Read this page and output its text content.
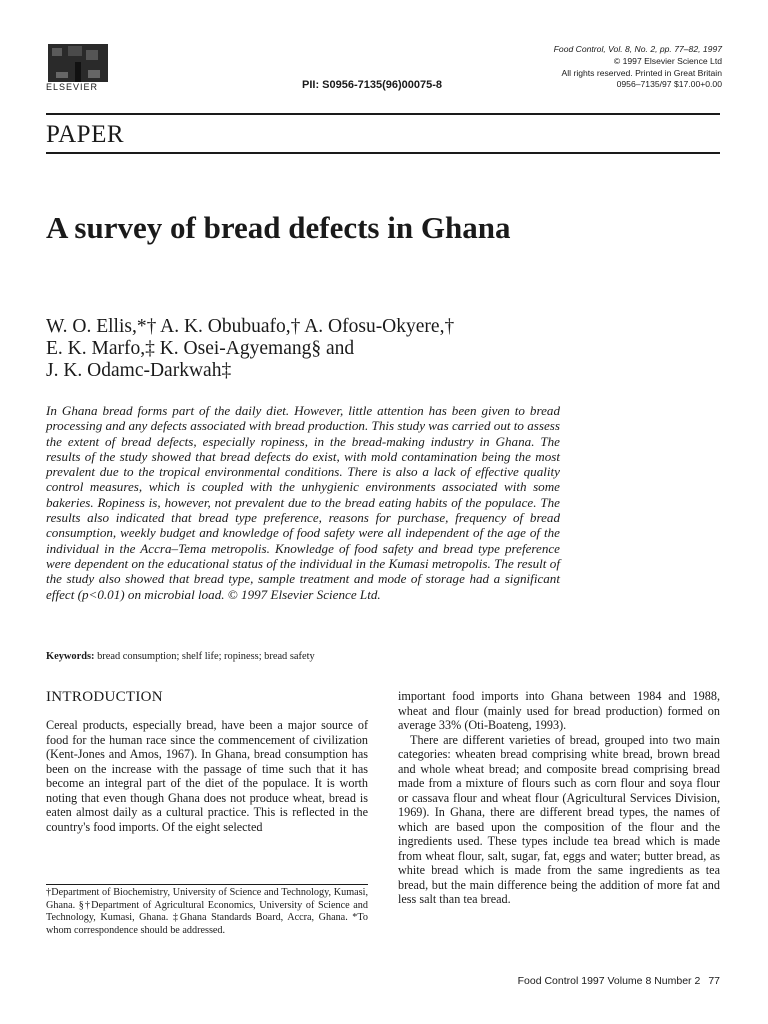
ELSEVIER	PII: S0956-7135(96)00075-8
Food Control, Vol. 8, No. 2, pp. 77–82, 1997
© 1997 Elsevier Science Ltd
All rights reserved. Printed in Great Britain
0956–7135/97 $17.00+0.00
PAPER
A survey of bread defects in Ghana
W. O. Ellis,*† A. K. Obubuafo,† A. Ofosu-Okyere,†
E. K. Marfo,‡ K. Osei-Agyemang§ and
J. K. Odamc-Darkwah‡
In Ghana bread forms part of the daily diet. However, little attention has been given to bread processing and any defects associated with bread production. This study was carried out to assess the extent of bread defects, especially ropiness, in the bread-making industry in Ghana. The results of the study showed that bread defects do exist, with mold contamination being the most prevalent due to the tropical environmental conditions. There is also a lack of effective quality control measures, which is coupled with the unhygienic environments associated with some bakeries. Ropiness is, however, not prevalent due to the bread eating habits of the populace. The results also indicated that bread type preference, reasons for purchase, frequency of bread consumption, weekly budget and knowledge of food safety were all independent of the age of the individual in the Accra–Tema metropolis. Knowledge of food safety and bread type preference were dependent on the educational status of the individual in the Kumasi metropolis. The result of the study also showed that bread type, sample treatment and mode of storage had a significant effect (p<0.01) on microbial load. © 1997 Elsevier Science Ltd.
Keywords: bread consumption; shelf life; ropiness; bread safety
INTRODUCTION

Cereal products, especially bread, have been a major source of food for the human race since the commencement of civilization (Kent-Jones and Amos, 1967). In Ghana, bread consumption has been on the increase with the passage of time such that it has become an integral part of the diet of the populace. It is worth noting that even though Ghana does not produce wheat, bread is eaten almost daily as a cultural practice. This is reflected in the country's food imports. Of the eight selected

†Department of Biochemistry, University of Science and Technology, Kumasi, Ghana. §†Department of Agricultural Economics, University of Science and Technology, Kumasi, Ghana. ‡Ghana Standards Board, Accra, Ghana. *To whom correspondence should be addressed.

important food imports into Ghana between 1984 and 1988, wheat and flour (mainly used for bread production) formed on average 33% (Oti-Boateng, 1993).

There are different varieties of bread, grouped into two main categories: wheaten bread comprising white bread, brown bread and whole wheat bread; and composite bread comprising bread made from a mixture of flours such as corn flour and soya flour or cassava flour and wheat flour (Agricultural Services Division, 1969). In Ghana, there are different bread types, the names of which are based upon the composition of the flour and the ingredients used. These types include tea bread which is made from wheat flour, salt, sugar, fat, eggs and water; butter bread, as white bread which is made from the same ingredients as tea bread, but the main difference being the addition of more fat and less salt than tea bread.

Food Control 1997 Volume 8 Number 2 77
